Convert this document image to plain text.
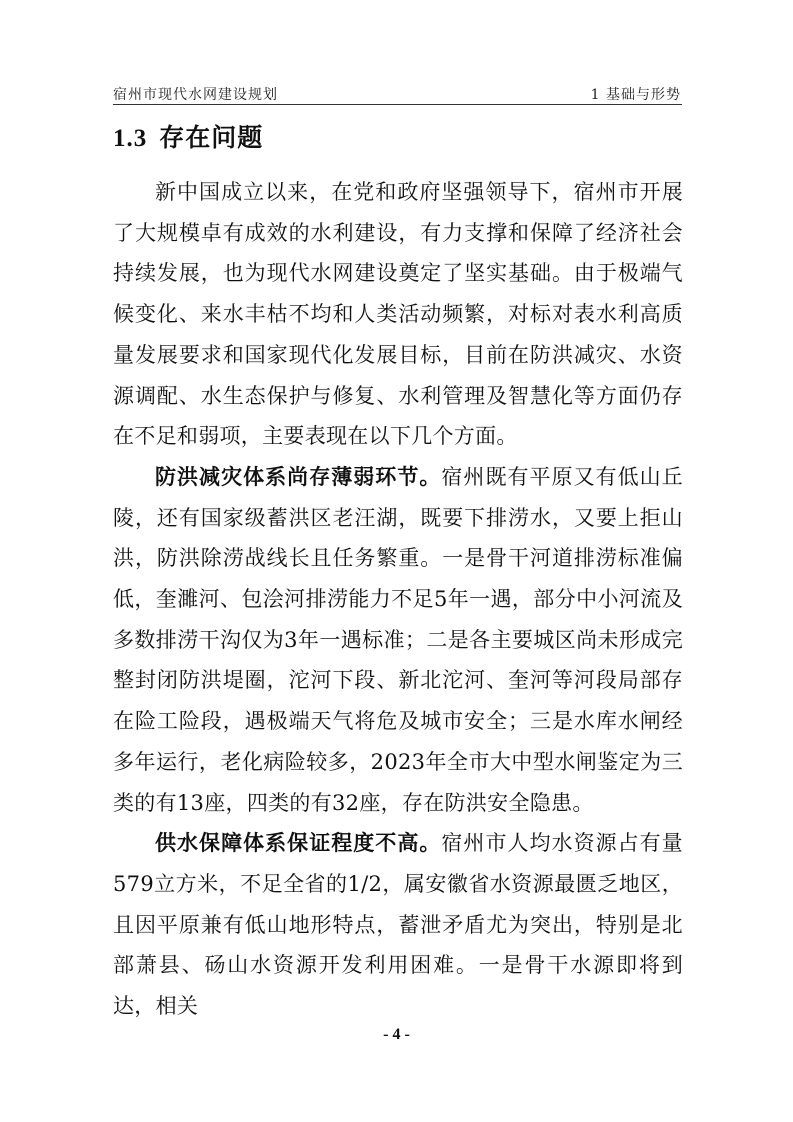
宿州市现代水网建设规划	1 基础与形势
1.3 存在问题

新中国成立以来，在党和政府坚强领导下，宿州市开展了大规模卓有成效的水利建设，有力支撑和保障了经济社会持续发展，也为现代水网建设奠定了坚实基础。由于极端气候变化、来水丰枯不均和人类活动频繁，对标对表水利高质量发展要求和国家现代化发展目标，目前在防洪减灾、水资源调配、水生态保护与修复、水利管理及智慧化等方面仍存在不足和弱项，主要表现在以下几个方面。

防洪减灾体系尚存薄弱环节。宿州既有平原又有低山丘陵，还有国家级蓄洪区老汪湖，既要下排涝水，又要上拒山洪，防洪除涝战线长且任务繁重。一是骨干河道排涝标准偏低，奎濉河、包浍河排涝能力不足5年一遇，部分中小河流及多数排涝干沟仅为3年一遇标准；二是各主要城区尚未形成完整封闭防洪堤圈，沱河下段、新北沱河、奎河等河段局部存在险工险段，遇极端天气将危及城市安全；三是水库水闸经多年运行，老化病险较多，2023年全市大中型水闸鉴定为三类的有13座，四类的有32座，存在防洪安全隐患。

供水保障体系保证程度不高。宿州市人均水资源占有量579立方米，不足全省的1/2，属安徽省水资源最匮乏地区，且因平原兼有低山地形特点，蓄泄矛盾尤为突出，特别是北部萧县、砀山水资源开发利用困难。一是骨干水源即将到达，相关

- 4 -
